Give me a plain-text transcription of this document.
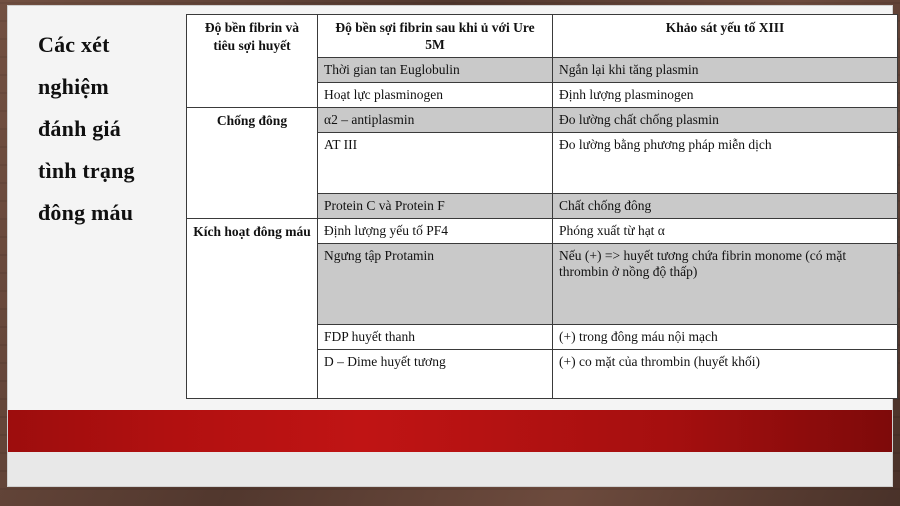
Các xét
nghiệm
đánh giá
tình trạng
đông máu
Độ bền fibrin và tiêu sợi huyết	Độ bền sợi fibrin sau khi ủ với Ure 5M	Khảo sát yếu tố XIII
	Thời gian tan Euglobulin	Ngắn lại khi tăng plasmin
	Hoạt lực plasminogen	Định lượng plasminogen
Chống đông	α2 – antiplasmin	Đo lường chất chống plasmin
	AT III	Đo lường bằng phương pháp miễn dịch
	Protein C và Protein F	Chất chống đông
Kích hoạt đông máu	Định lượng yếu tố PF4	Phóng xuất từ hạt α
	Ngưng tập Protamin	Nếu (+) => huyết tương chứa fibrin monome (có mặt thrombin ở nồng độ thấp)
	FDP huyết thanh	(+) trong đông máu nội mạch
	D – Dime huyết tương	(+) co mặt của thrombin (huyết khối)
